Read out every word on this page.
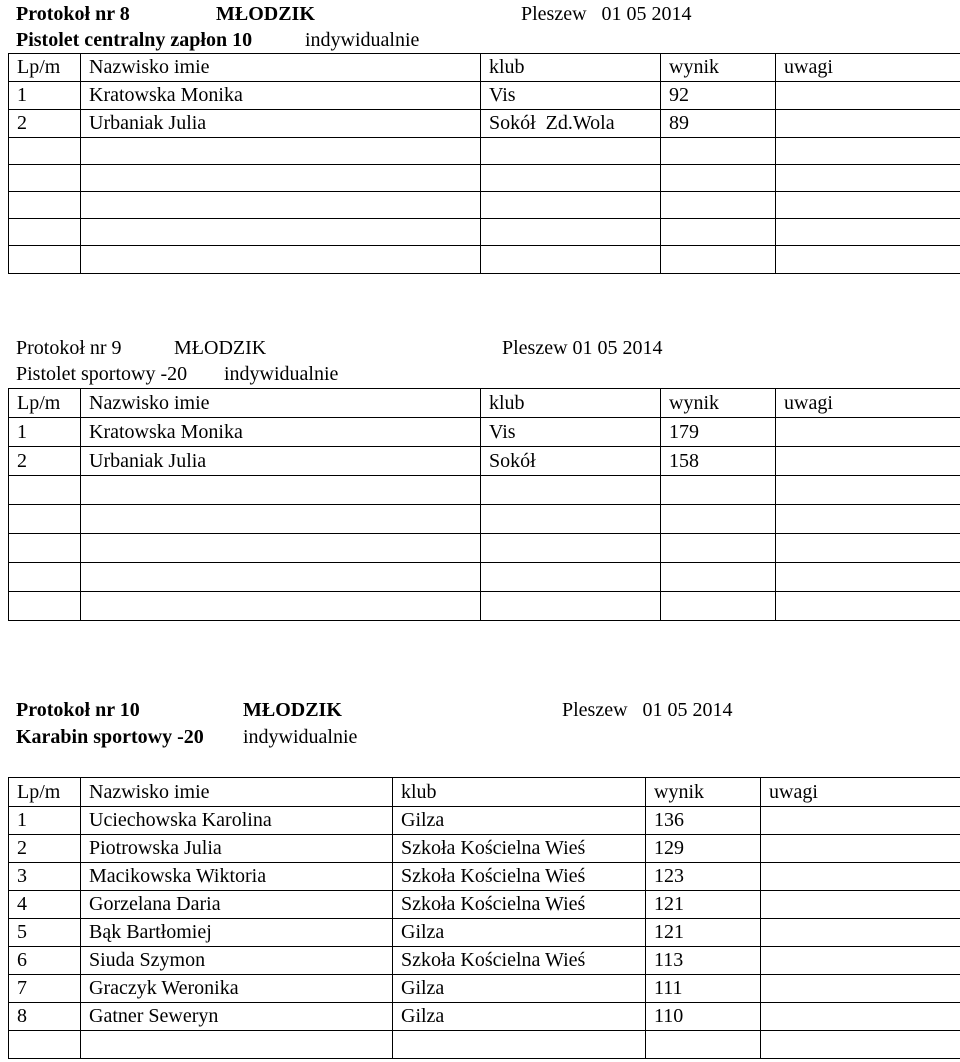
Protokoł nr 8	MŁODZIK	Pleszew   01 05 2014
Pistolet centralny zapłon 10	indywidualnie
Lp/m	Nazwisko imie	klub	wynik	uwagi
1	Kratowska Monika	Vis	92	
2	Urbaniak Julia	Sokół  Zd.Wola	89	

Protokoł nr 9	MŁODZIK	Pleszew 01 05 2014
Pistolet sportowy -20 indywidualnie
Lp/m	Nazwisko imie	klub	wynik	uwagi
1	Kratowska Monika	Vis	179	
2	Urbaniak Julia	Sokół	158	

Protokoł nr 10	MŁODZIK	Pleszew   01 05 2014
Karabin sportowy -20 indywidualnie
Lp/m	Nazwisko imie	klub	wynik	uwagi
1	Uciechowska Karolina	Gilza	136	
2	Piotrowska Julia	Szkoła Kościelna Wieś	129	
3	Macikowska Wiktoria	Szkoła Kościelna Wieś	123	
4	Gorzelana Daria	Szkoła Kościelna Wieś	121	
5	Bąk Bartłomiej	Gilza	121	
6	Siuda Szymon	Szkoła Kościelna Wieś	113	
7	Graczyk Weronika	Gilza	111	
8	Gatner Seweryn	Gilza	110	
